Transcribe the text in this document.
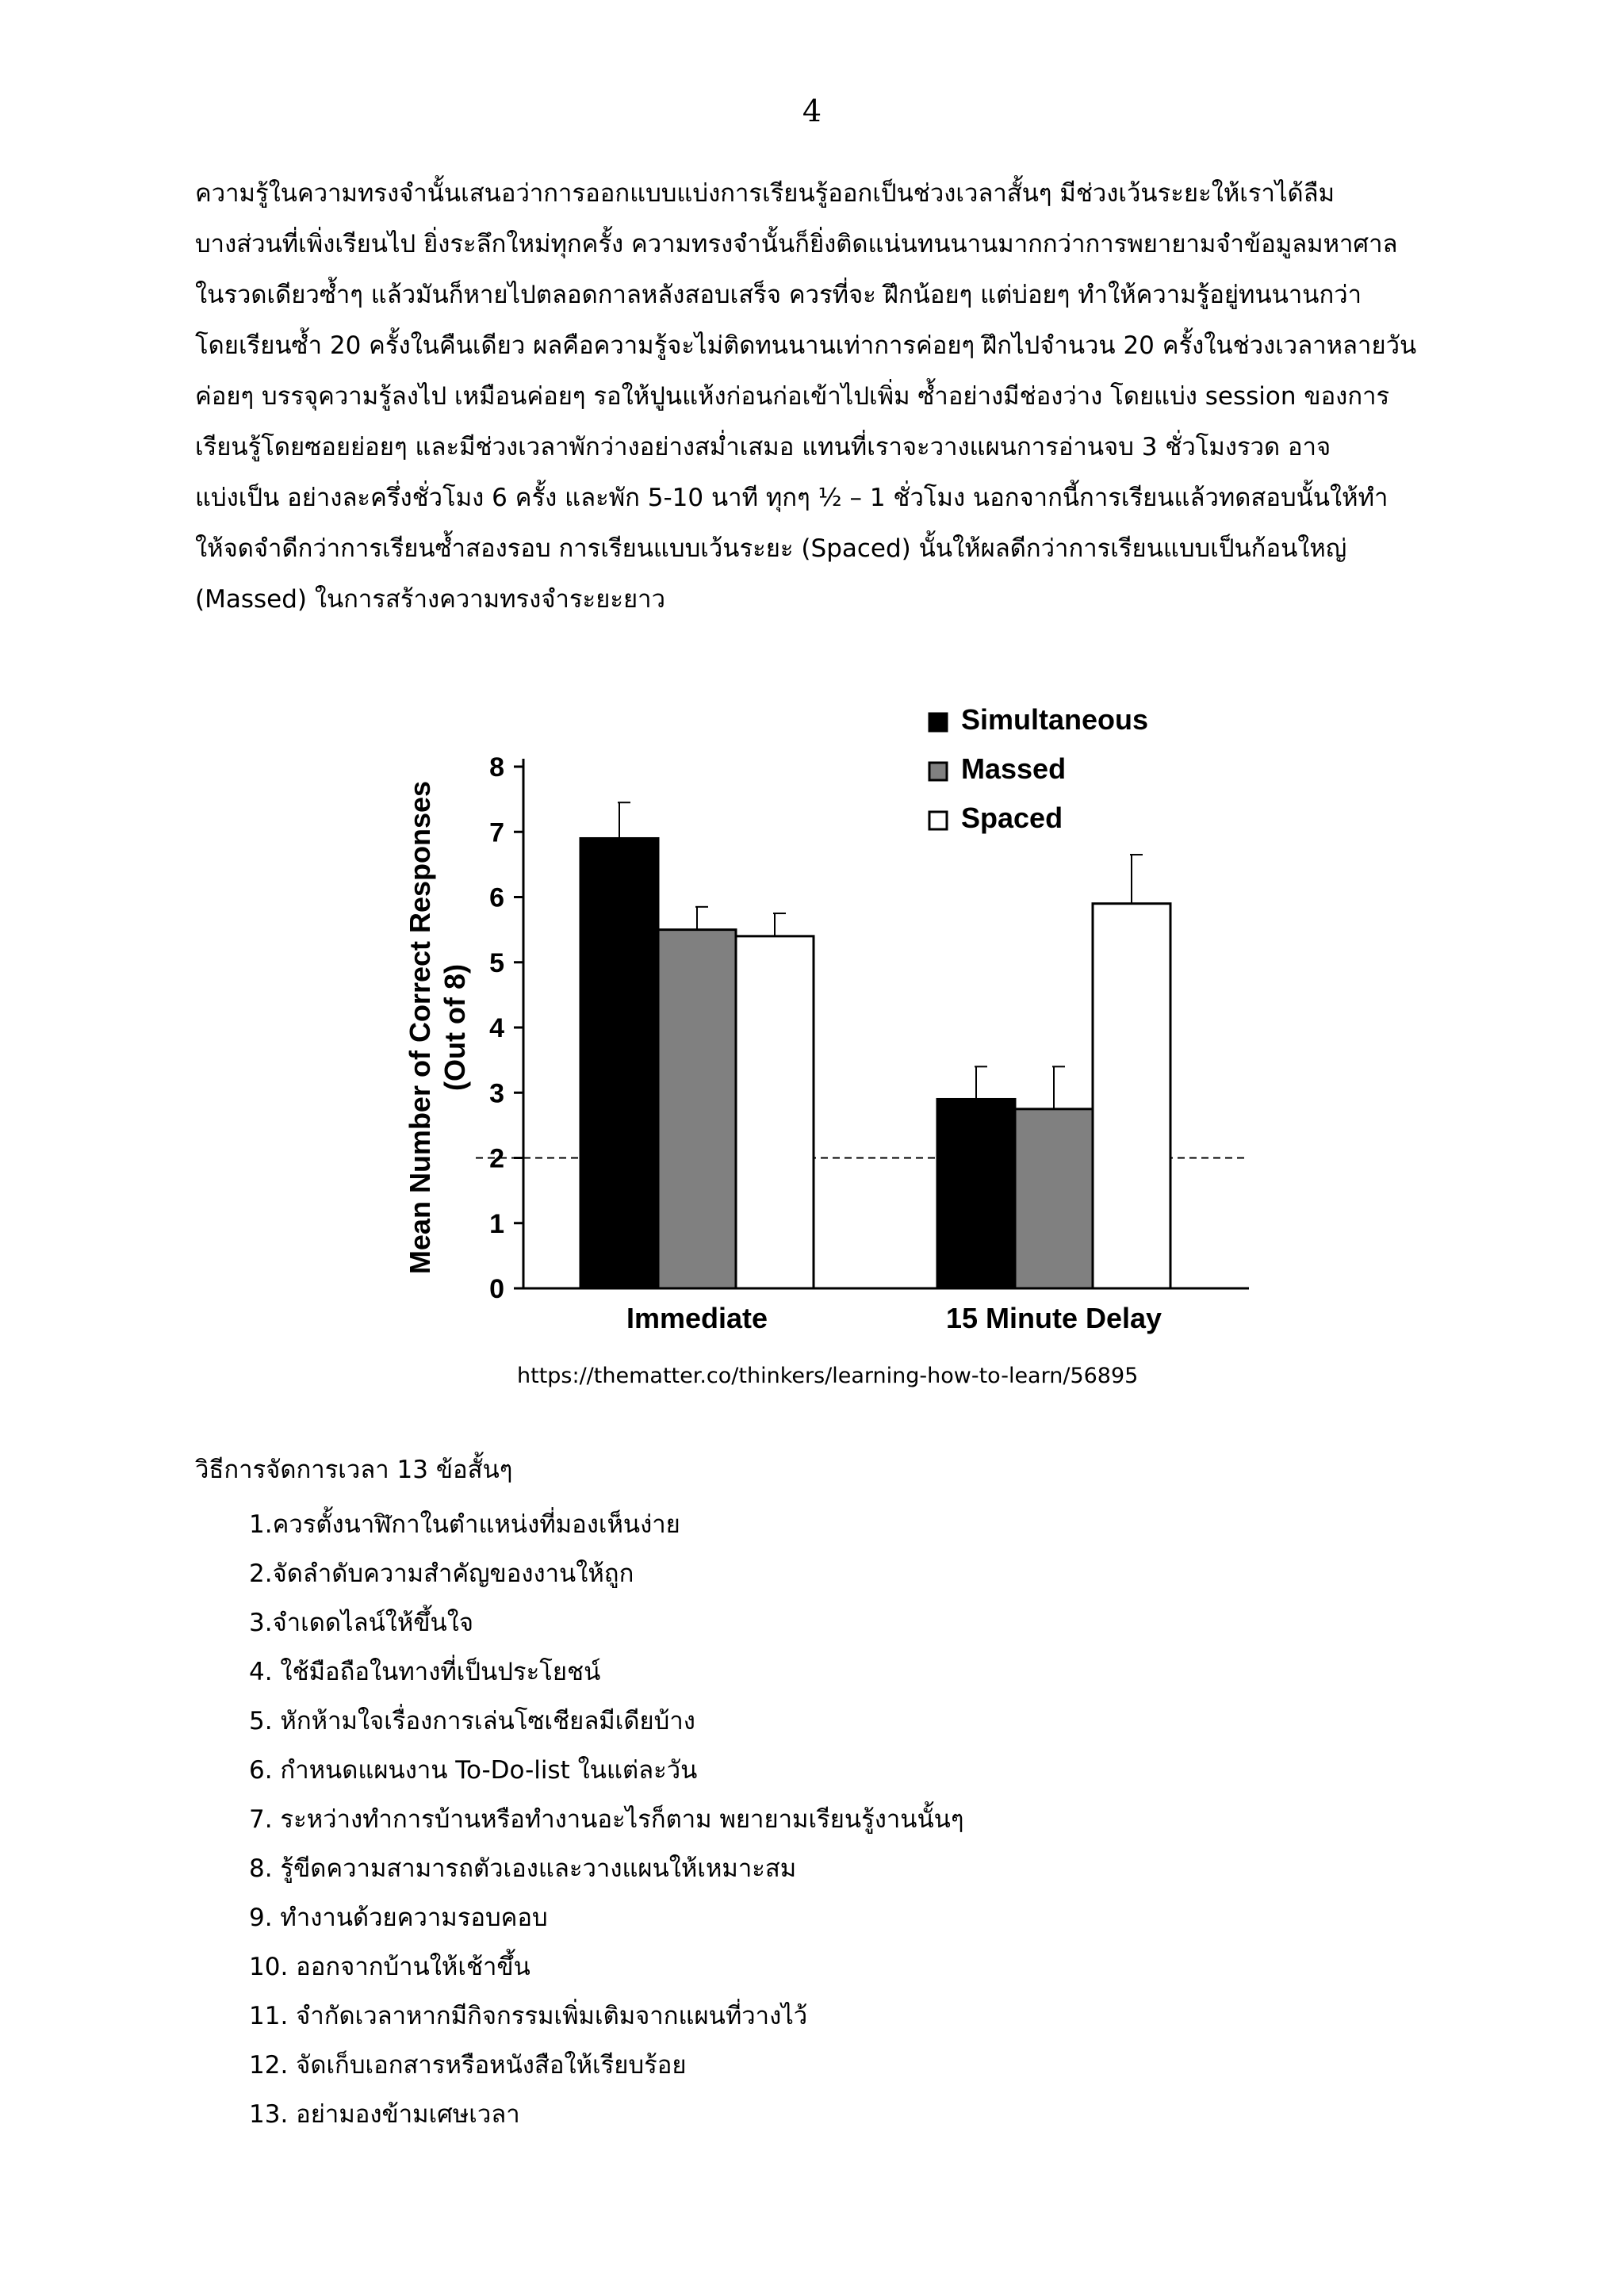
4
ความรู้ในความทรงจำนั้นเสนอว่าการออกแบบแบ่งการเรียนรู้ออกเป็นช่วงเวลาสั้นๆ มีช่วงเว้นระยะให้เราได้ลืม
บางส่วนที่เพิ่งเรียนไป ยิ่งระลึกใหม่ทุกครั้ง ความทรงจำนั้นก็ยิ่งติดแน่นทนนานมากกว่าการพยายามจำข้อมูลมหาศาล
ในรวดเดียวซ้ำๆ แล้วมันก็หายไปตลอดกาลหลังสอบเสร็จ ควรที่จะ ฝึกน้อยๆ แต่บ่อยๆ ทำให้ความรู้อยู่ทนนานกว่า
โดยเรียนซ้ำ 20 ครั้งในคืนเดียว ผลคือความรู้จะไม่ติดทนนานเท่าการค่อยๆ ฝึกไปจำนวน 20 ครั้งในช่วงเวลาหลายวัน
ค่อยๆ บรรจุความรู้ลงไป เหมือนค่อยๆ รอให้ปูนแห้งก่อนก่อเข้าไปเพิ่ม ซ้ำอย่างมีช่องว่าง โดยแบ่ง session ของการ
เรียนรู้โดยซอยย่อยๆ และมีช่วงเวลาพักว่างอย่างสม่ำเสมอ แทนที่เราจะวางแผนการอ่านจบ 3 ชั่วโมงรวด อาจ
แบ่งเป็น อย่างละครึ่งชั่วโมง 6 ครั้ง และพัก 5-10 นาที ทุกๆ ½ – 1 ชั่วโมง นอกจากนี้การเรียนแล้วทดสอบนั้นให้ทำ
ให้จดจำดีกว่าการเรียนซ้ำสองรอบ การเรียนแบบเว้นระยะ (Spaced) นั้นให้ผลดีกว่าการเรียนแบบเป็นก้อนใหญ่
(Massed) ในการสร้างความทรงจำระยะยาว
0
1
2
3
4
5
6
7
8
Mean Number of Correct Responses (Out of 8)
Immediate	15 Minute Delay
Simultaneous
Massed
Spaced
https://thematter.co/thinkers/learning-how-to-learn/56895
วิธีการจัดการเวลา 13 ข้อสั้นๆ
1.ควรตั้งนาฬิกาในตำแหน่งที่มองเห็นง่าย
2.จัดลำดับความสำคัญของงานให้ถูก
3.จำเดดไลน์ให้ขึ้นใจ
4. ใช้มือถือในทางที่เป็นประโยชน์
5. หักห้ามใจเรื่องการเล่นโซเชียลมีเดียบ้าง
6. กำหนดแผนงาน To-Do-list ในแต่ละวัน
7. ระหว่างทำการบ้านหรือทำงานอะไรก็ตาม พยายามเรียนรู้งานนั้นๆ
8. รู้ขีดความสามารถตัวเองและวางแผนให้เหมาะสม
9. ทำงานด้วยความรอบคอบ
10. ออกจากบ้านให้เช้าขึ้น
11. จำกัดเวลาหากมีกิจกรรมเพิ่มเติมจากแผนที่วางไว้
12. จัดเก็บเอกสารหรือหนังสือให้เรียบร้อย
13. อย่ามองข้ามเศษเวลา
